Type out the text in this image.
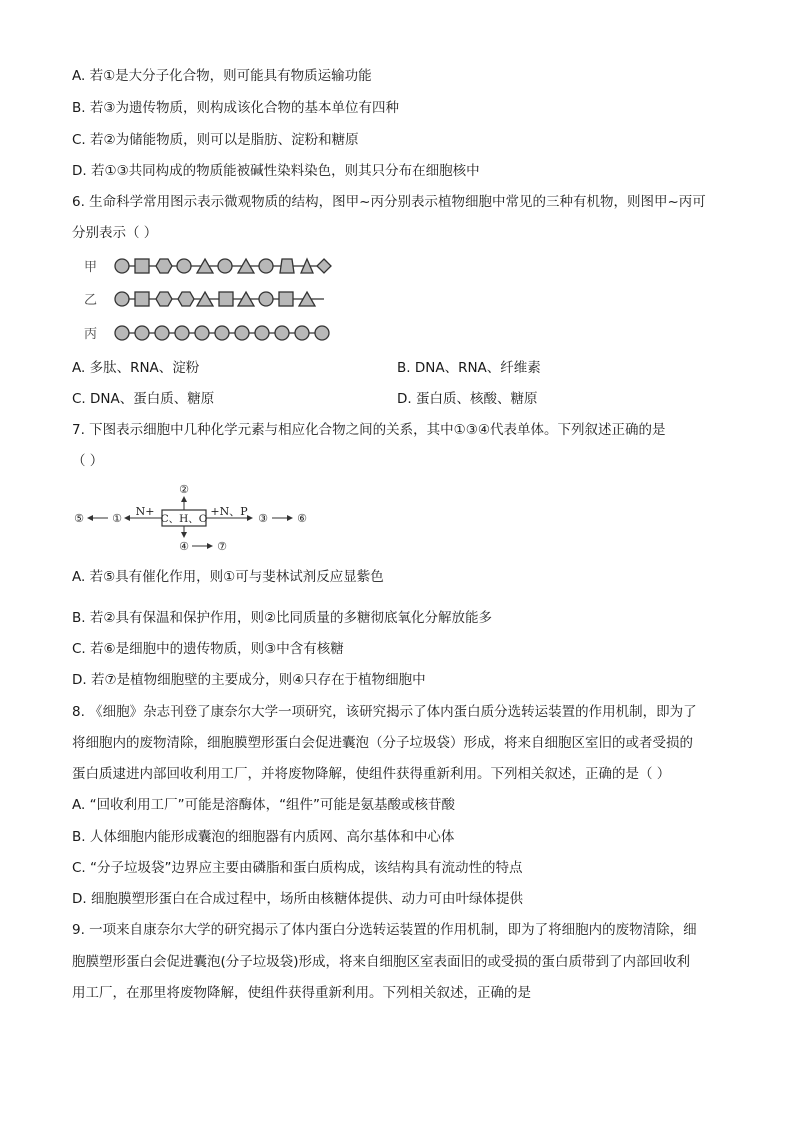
A. 若①是大分子化合物，则可能具有物质运输功能
B. 若③为遗传物质，则构成该化合物的基本单位有四种
C. 若②为储能物质，则可以是脂肪、淀粉和糖原
D. 若①③共同构成的物质能被碱性染料染色，则其只分布在细胞核中
6. 生命科学常用图示表示微观物质的结构，图甲~丙分别表示植物细胞中常见的三种有机物，则图甲~丙可
分别表示（ ）
甲
乙
丙
A. 多肽、RNA、淀粉	B. DNA、RNA、纤维素
C. DNA、蛋白质、糖原	D. 蛋白质、核酸、糖原
7. 下图表示细胞中几种化学元素与相应化合物之间的关系，其中①③④代表单体。下列叙述正确的是
（ ）
C、H、O
N+
①
⑤
②
+N、P
③	⑥
④	⑦
A. 若⑤具有催化作用，则①可与斐林试剂反应显紫色
B. 若②具有保温和保护作用，则②比同质量的多糖彻底氧化分解放能多
C. 若⑥是细胞中的遗传物质，则③中含有核糖
D. 若⑦是植物细胞壁的主要成分，则④只存在于植物细胞中
8. 《细胞》杂志刊登了康奈尔大学一项研究，该研究揭示了体内蛋白质分选转运装置的作用机制，即为了
将细胞内的废物清除，细胞膜塑形蛋白会促进囊泡（分子垃圾袋）形成，将来自细胞区室旧的或者受损的
蛋白质逮进内部回收利用工厂，并将废物降解，使组件获得重新利用。下列相关叙述，正确的是（ ）
A. “回收利用工厂”可能是溶酶体，“组件”可能是氨基酸或核苷酸
B. 人体细胞内能形成囊泡的细胞器有内质网、高尔基体和中心体
C. “分子垃圾袋”边界应主要由磷脂和蛋白质构成，该结构具有流动性的特点
D. 细胞膜塑形蛋白在合成过程中，场所由核糖体提供、动力可由叶绿体提供
9. 一项来自康奈尔大学的研究揭示了体内蛋白分选转运装置的作用机制，即为了将细胞内的废物清除，细
胞膜塑形蛋白会促进囊泡(分子垃圾袋)形成，将来自细胞区室表面旧的或受损的蛋白质带到了内部回收利
用工厂，在那里将废物降解，使组件获得重新利用。下列相关叙述，正确的是
